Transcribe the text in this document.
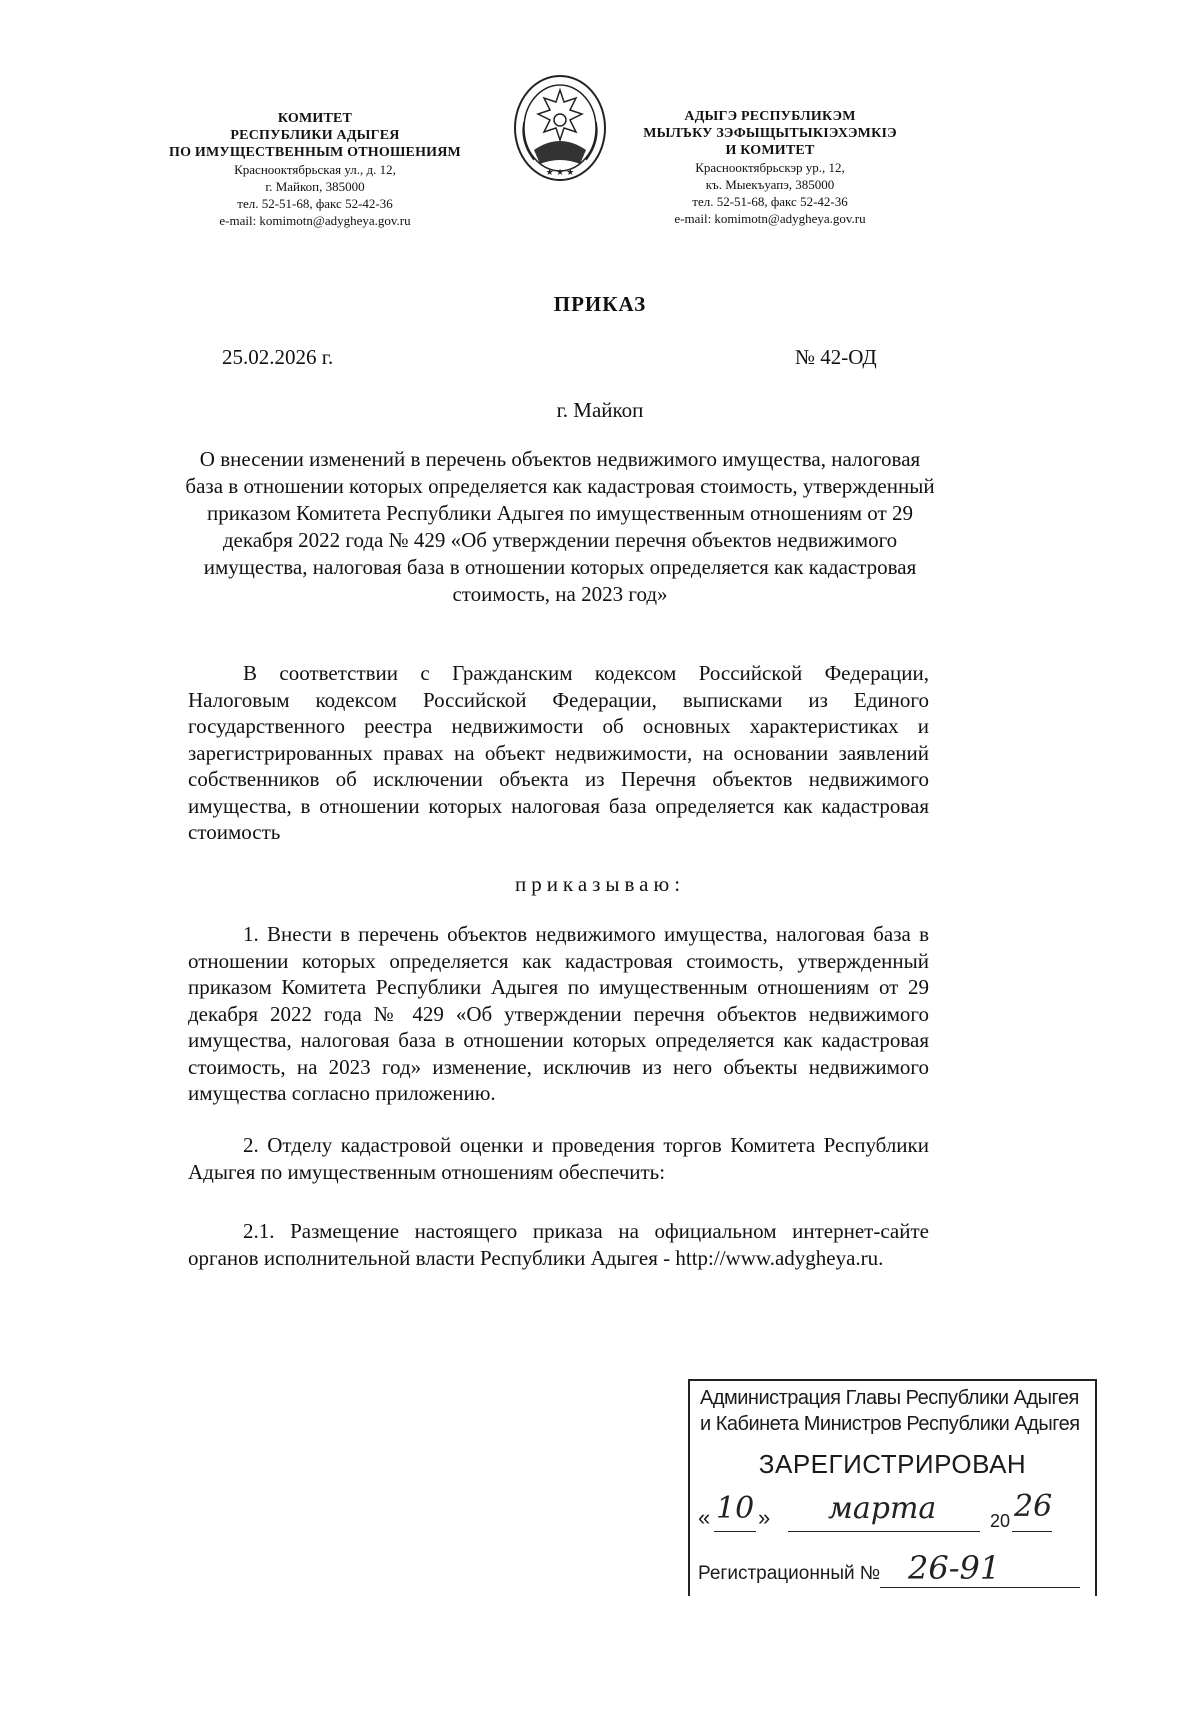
КОМИТЕТ
РЕСПУБЛИКИ АДЫГЕЯ
ПО ИМУЩЕСТВЕННЫМ ОТНОШЕНИЯМ
Краснооктябрьская ул., д. 12,
г. Майкоп, 385000
тел. 52-51-68, факс 52-42-36
e-mail: komimotn@adygheya.gov.ru
★ ★ ★
АДЫГЭ РЕСПУБЛИКЭМ
МЫЛЪКУ ЗЭФЫЩЫТЫКIЭХЭМКIЭ
И КОМИТЕТ
Краснооктябрьскэр ур., 12,
къ. Мыекъуапэ, 385000
тел. 52-51-68, факс 52-42-36
e-mail: komimotn@adygheya.gov.ru
ПРИКАЗ
25.02.2026 г.	№ 42-ОД
г. Майкоп
О внесении изменений в перечень объектов недвижимого имущества, налоговая база в отношении которых определяется как кадастровая стоимость, утвержденный приказом Комитета Республики Адыгея по имущественным отношениям от 29 декабря 2022 года № 429 «Об утверждении перечня объектов недвижимого имущества, налоговая база в отношении которых определяется как кадастровая стоимость, на 2023 год»
В соответствии с Гражданским кодексом Российской Федерации, Налоговым кодексом Российской Федерации, выписками из Единого государственного реестра недвижимости об основных характеристиках и зарегистрированных правах на объект недвижимости, на основании заявлений собственников об исключении объекта из Перечня объектов недвижимого имущества, в отношении которых налоговая база определяется как кадастровая стоимость
приказываю:
1. Внести в перечень объектов недвижимого имущества, налоговая база в отношении которых определяется как кадастровая стоимость, утвержденный приказом Комитета Республики Адыгея по имущественным отношениям от 29 декабря 2022 года № 429 «Об утверждении перечня объектов недвижимого имущества, налоговая база в отношении которых определяется как кадастровая стоимость, на 2023 год» изменение, исключив из него объекты недвижимого имущества согласно приложению.
2. Отделу кадастровой оценки и проведения торгов Комитета Республики Адыгея по имущественным отношениям обеспечить:
2.1. Размещение настоящего приказа на официальном интернет-сайте органов исполнительной власти Республики Адыгея - http://www.adygheya.ru.
Администрация Главы Республики Адыгея
и Кабинета Министров Республики Адыгея
ЗАРЕГИСТРИРОВАН
« 10 » марта	20 26
Регистрационный № 26-91
